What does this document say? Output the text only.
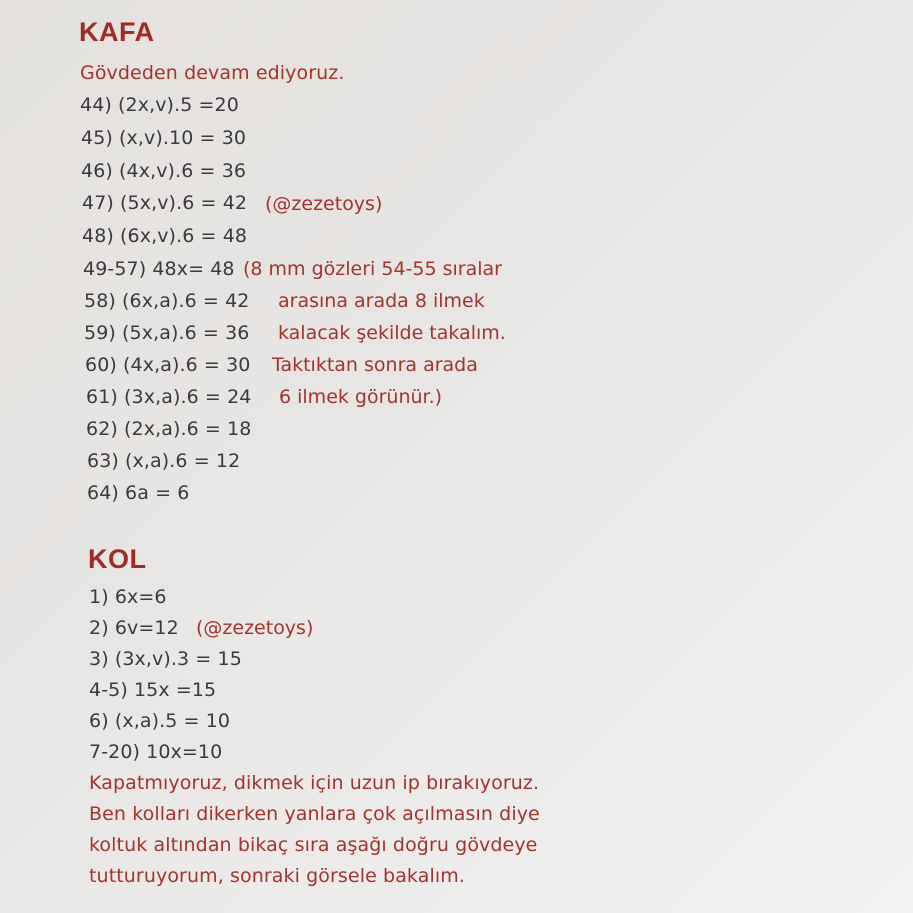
KAFA
Gövdeden devam ediyoruz.
44) (2x,v).5 =20
45) (x,v).10 = 30
46) (4x,v).6 = 36
47) (5x,v).6 = 42 (@zezetoys)
48) (6x,v).6 = 48
49-57) 48x= 48 (8 mm gözleri 54-55 sıralar
58) (6x,a).6 = 42 arasına arada 8 ilmek
59) (5x,a).6 = 36 kalacak şekilde takalım.
60) (4x,a).6 = 30 Taktıktan sonra arada
61) (3x,a).6 = 24 6 ilmek görünür.)
62) (2x,a).6 = 18
63) (x,a).6 = 12
64) 6a = 6
KOL
1) 6x=6
2) 6v=12 (@zezetoys)
3) (3x,v).3 = 15
4-5) 15x =15
6) (x,a).5 = 10
7-20) 10x=10
Kapatmıyoruz, dikmek için uzun ip bırakıyoruz.
Ben kolları dikerken yanlara çok açılmasın diye
koltuk altından bikaç sıra aşağı doğru gövdeye
tutturuyorum, sonraki görsele bakalım.
